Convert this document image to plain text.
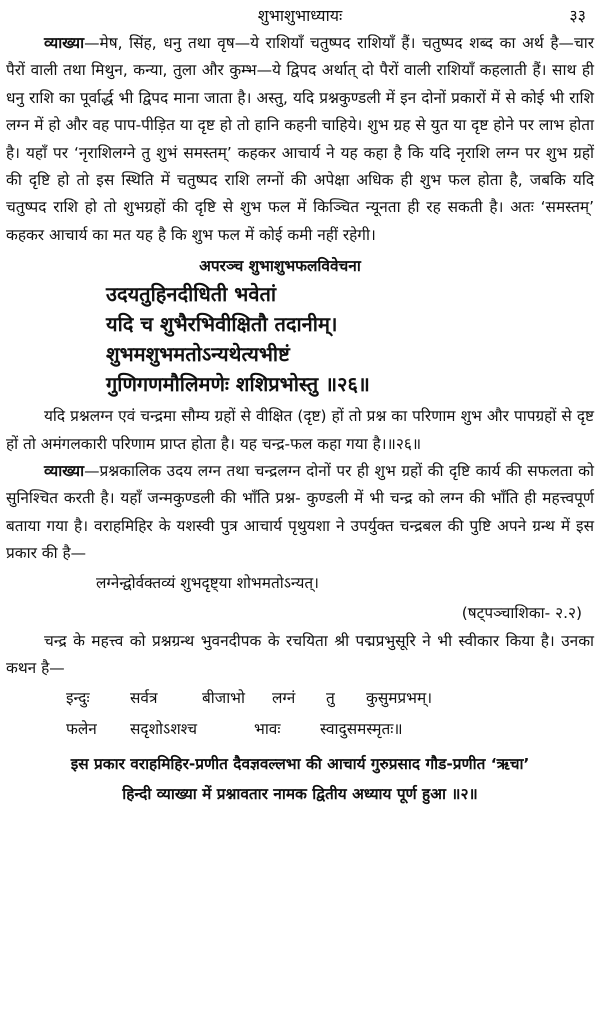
शुभाशुभाध्यायः	३३

व्याख्या—मेष, सिंह, धनु तथा वृष—ये राशियाँ चतुष्पद राशियाँ हैं। चतुष्पद शब्द का अर्थ है—चार पैरों वाली तथा मिथुन, कन्या, तुला और कुम्भ—ये द्विपद अर्थात् दो पैरों वाली राशियाँ कहलाती हैं। साथ ही धनु राशि का पूर्वार्द्ध भी द्विपद माना जाता है। अस्तु, यदि प्रश्नकुण्डली में इन दोनों प्रकारों में से कोई भी राशि लग्न में हो और वह पाप-पीड़ित या दृष्ट हो तो हानि कहनी चाहिये। शुभ ग्रह से युत या दृष्ट होने पर लाभ होता है। यहाँ पर ‘नृराशिलग्ने तु शुभं समस्तम्’ कहकर आचार्य ने यह कहा है कि यदि नृराशि लग्न पर शुभ ग्रहों की दृष्टि हो तो इस स्थिति में चतुष्पद राशि लग्नों की अपेक्षा अधिक ही शुभ फल होता है, जबकि यदि चतुष्पद राशि हो तो शुभग्रहों की दृष्टि से शुभ फल में किञ्चित न्यूनता ही रह सकती है। अतः ‘समस्तम्’ कहकर आचार्य का मत यह है कि शुभ फल में कोई कमी नहीं रहेगी।

अपरञ्च शुभाशुभफलविवेचना
उदयतुहिनदीधिती भवेतां
यदि च शुभैरभिवीक्षितौ तदानीम्।
शुभमशुभमतोऽन्यथेत्यभीष्टं
गुणिगणमौलिमणेः शशिप्रभोस्तु ॥२६॥

यदि प्रश्नलग्न एवं चन्द्रमा सौम्य ग्रहों से वीक्षित (दृष्ट) हों तो प्रश्न का परिणाम शुभ और पापग्रहों से दृष्ट हों तो अमंगलकारी परिणाम प्राप्त होता है। यह चन्द्र-फल कहा गया है।॥२६॥

व्याख्या—प्रश्नकालिक उदय लग्न तथा चन्द्रलग्न दोनों पर ही शुभ ग्रहों की दृष्टि कार्य की सफलता को सुनिश्चित करती है। यहाँ जन्मकुण्डली की भाँति प्रश्न- कुण्डली में भी चन्द्र को लग्न की भाँति ही महत्त्वपूर्ण बताया गया है। वराहमिहिर के यशस्वी पुत्र आचार्य पृथुयशा ने उपर्युक्त चन्द्रबल की पुष्टि अपने ग्रन्थ में इस प्रकार की है—

लग्नेन्द्वोर्वक्तव्यं शुभदृष्ट्या शोभमतोऽन्यत्।
(षट्पञ्चाशिका- २.२)

चन्द्र के महत्त्व को प्रश्नग्रन्थ भुवनदीपक के रचयिता श्री पद्मप्रभुसूरि ने भी स्वीकार किया है। उनका कथन है—

इन्दुः	सर्वत्र	बीजाभो लग्नं तु कुसुमप्रभम्।
फलेन सदृशोऽशश्च	भावः	स्वादुसमस्मृतः॥
इस प्रकार वराहमिहिर-प्रणीत दैवज्ञवल्लभा की आचार्य गुरुप्रसाद गौड-प्रणीत ‘ऋचा’
हिन्दी व्याख्या में प्रश्नावतार नामक द्वितीय अध्याय पूर्ण हुआ ॥२॥
